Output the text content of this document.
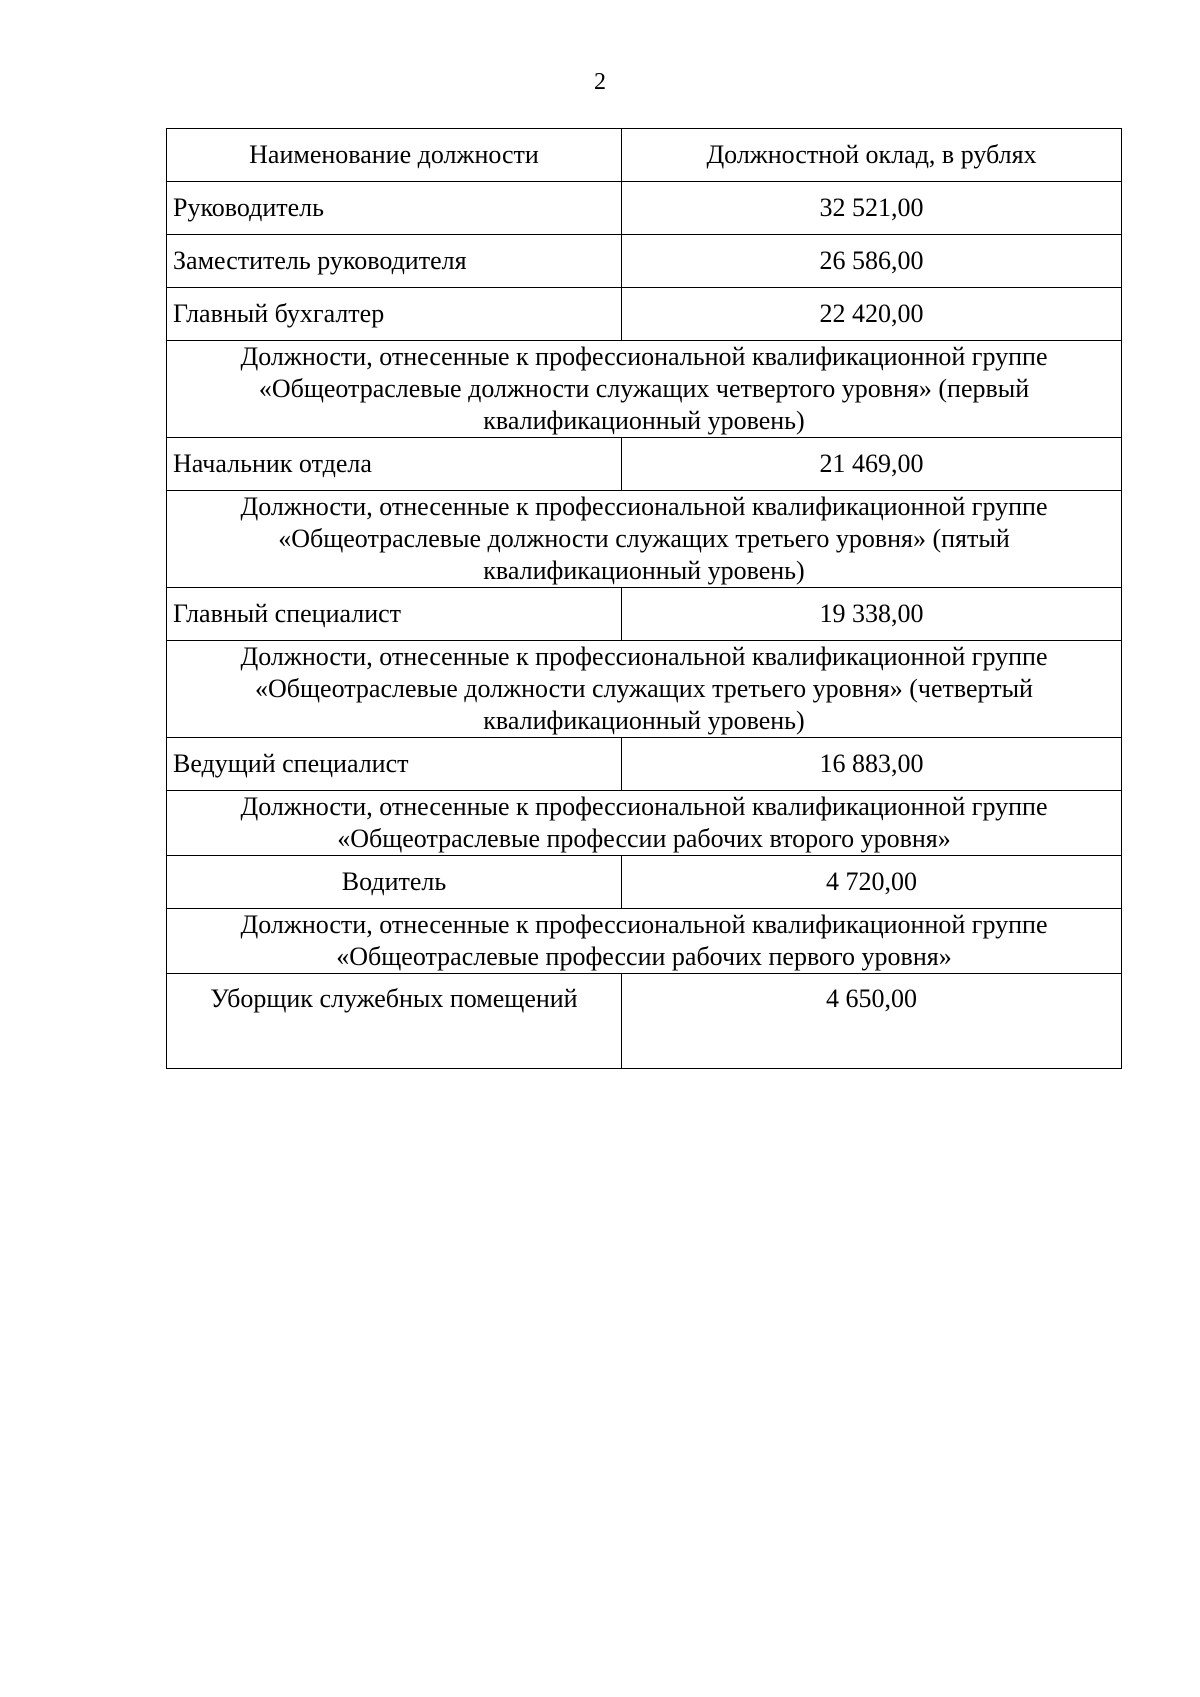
2
Наименование должности	Должностной оклад, в рублях
Руководитель	32 521,00
Заместитель руководителя	26 586,00
Главный бухгалтер	22 420,00
Должности, отнесенные к профессиональной квалификационной группе «Общеотраслевые должности служащих четвертого уровня» (первый квалификационный уровень)	
Начальник отдела	21 469,00
Должности, отнесенные к профессиональной квалификационной группе «Общеотраслевые должности служащих третьего уровня» (пятый квалификационный уровень)	
Главный специалист	19 338,00
Должности, отнесенные к профессиональной квалификационной группе «Общеотраслевые должности служащих третьего уровня» (четвертый квалификационный уровень)	
Ведущий специалист	16 883,00
Должности, отнесенные к профессиональной квалификационной группе «Общеотраслевые профессии рабочих второго уровня»	
Водитель	4 720,00
Должности, отнесенные к профессиональной квалификационной группе «Общеотраслевые профессии рабочих первого уровня»	
Уборщик служебных помещений	4 650,00
